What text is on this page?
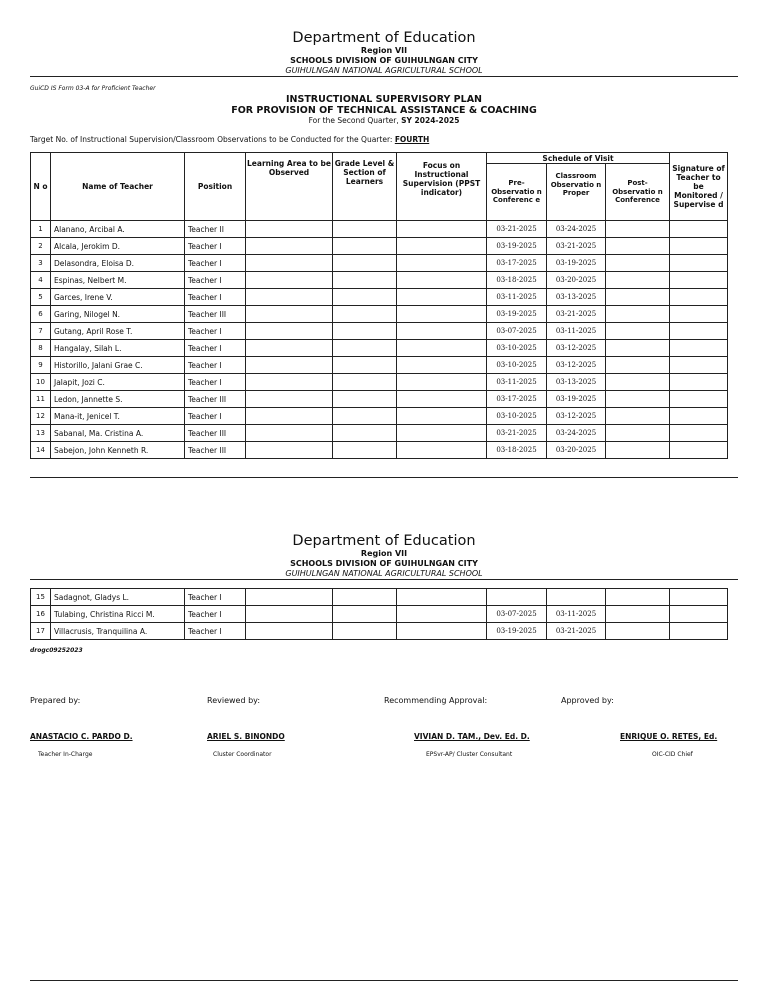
Department of Education
Region VII
SCHOOLS DIVISION OF GUIHULNGAN CITY
GUIHULNGAN NATIONAL AGRICULTURAL SCHOOL
GuiCD IS Form 03-A for Proficient Teacher
INSTRUCTIONAL SUPERVISORY PLAN
FOR PROVISION OF TECHNICAL ASSISTANCE & COACHING
For the Second Quarter, SY 2024-2025
Target No. of Instructional Supervision/Classroom Observations to be Conducted for the Quarter: FOURTH
N o	Name of Teacher	Position	Learning Area to be Observed	Grade Level & Section of Learners	Focus on Instructional Supervision (PPST indicator)	Schedule of Visit			Signature of Teacher to be Monitored / Supervise d
						Pre-Observatio n Conferenc e	Classroom Observatio n Proper	Post-Observatio n Conference	
1	Alanano, Arcibal A.	Teacher II				03-21-2025	03-24-2025		
2	Alcala, Jerokim D.	Teacher I				03-19-2025	03-21-2025		
3	Delasondra, Eloisa D.	Teacher I				03-17-2025	03-19-2025		
4	Espinas, Nelbert M.	Teacher I				03-18-2025	03-20-2025		
5	Garces, Irene V.	Teacher I				03-11-2025	03-13-2025		
6	Garing, Nilogel N.	Teacher III				03-19-2025	03-21-2025		
7	Gutang, April Rose T.	Teacher I				03-07-2025	03-11-2025		
8	Hangalay, Silah L.	Teacher I				03-10-2025	03-12-2025		
9	Historillo, Jalani Grae C.	Teacher I				03-10-2025	03-12-2025		
10	Jalapit, Jozi C.	Teacher I				03-11-2025	03-13-2025		
11	Ledon, Jannette S.	Teacher III				03-17-2025	03-19-2025		
12	Mana-it, Jenicel T.	Teacher I				03-10-2025	03-12-2025		
13	Sabanal, Ma. Cristina A.	Teacher III				03-21-2025	03-24-2025		
14	Sabejon, John Kenneth R.	Teacher III				03-18-2025	03-20-2025		
Department of Education
Region VII
SCHOOLS DIVISION OF GUIHULNGAN CITY
GUIHULNGAN NATIONAL AGRICULTURAL SCHOOL
15	Sadagnot, Gladys L.	Teacher I							
16	Tulabing, Christina Ricci M.	Teacher I				03-07-2025	03-11-2025		
17	Villacrusis, Tranquilina A.	Teacher I				03-19-2025	03-21-2025		
drogc09252023
Prepared by:	Reviewed by:	Recommending Approval:	Approved by:
ANASTACIO C. PARDO D.	ARIEL S. BINONDO	VIVIAN D. TAM., Dev. Ed. D.	ENRIQUE O. RETES, Ed.
Teacher In-Charge	Cluster Coordinator	EPSvr-AP/ Cluster Consultant	OIC-CID Chief
